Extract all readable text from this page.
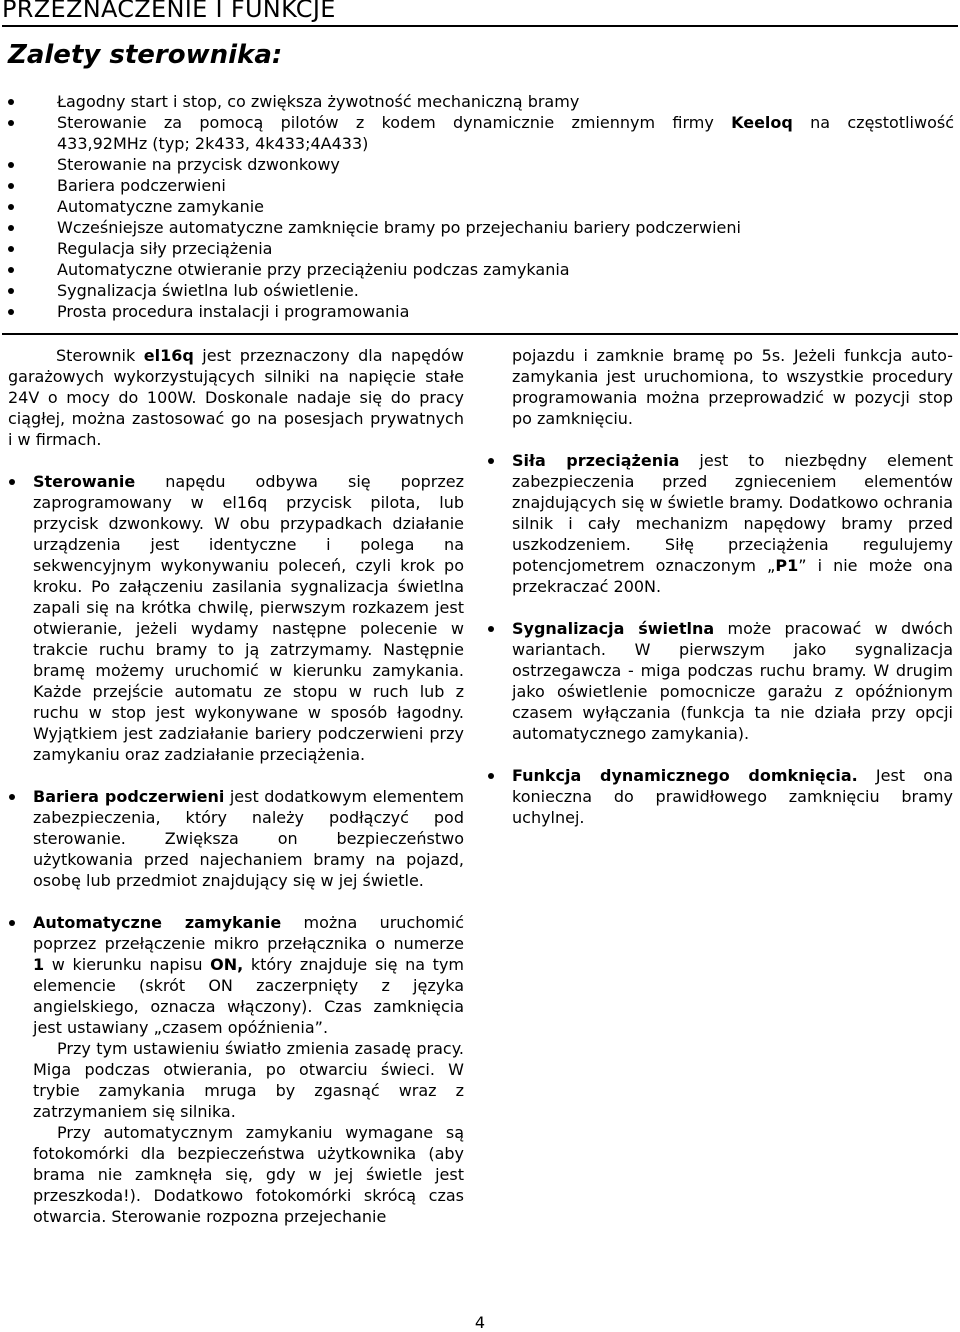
PRZEZNACZENIE I FUNKCJE
Zalety sterownika:
Łagodny start i stop, co zwiększa żywotność mechaniczną bramy
Sterowanie za pomocą pilotów z kodem dynamicznie zmiennym firmy Keeloq na częstotliwość
433,92MHz (typ; 2k433, 4k433;4A433)
Sterowanie na przycisk dzwonkowy
Bariera podczerwieni
Automatyczne zamykanie
Wcześniejsze automatyczne zamknięcie bramy po przejechaniu bariery podczerwieni
Regulacja siły przeciążenia
Automatyczne otwieranie przy przeciążeniu podczas zamykania
Sygnalizacja świetlna lub oświetlenie.
Prosta procedura instalacji i programowania

Sterownik el16q jest przeznaczony dla napędów garażowych wykorzystujących silniki na napięcie stałe 24V o mocy do 100W. Doskonale nadaje się do pracy ciągłej, można zastosować go na posesjach prywatnych i w firmach.

Sterowanie napędu odbywa się poprzez zaprogramowany w el16q przycisk pilota, lub przycisk dzwonkowy. W obu przypadkach działanie urządzenia jest identyczne i polega na sekwencyjnym wykonywaniu poleceń, czyli krok po kroku. Po załączeniu zasilania sygnalizacja świetlna zapali się na krótka chwilę, pierwszym rozkazem jest otwieranie, jeżeli wydamy następne polecenie w trakcie ruchu bramy to ją zatrzymamy. Następnie bramę możemy uruchomić w kierunku zamykania. Każde przejście automatu ze stopu w ruch lub z ruchu w stop jest wykonywane w sposób łagodny. Wyjątkiem jest zadziałanie bariery podczerwieni przy zamykaniu oraz zadziałanie przeciążenia.
Bariera podczerwieni jest dodatkowym elementem zabezpieczenia, który należy podłączyć pod sterowanie. Zwiększa on bezpieczeństwo użytkowania przed najechaniem bramy na pojazd, osobę lub przedmiot znajdujący się w jej świetle.
Automatyczne zamykanie można uruchomić poprzez przełączenie mikro przełącznika o numerze 1 w kierunku napisu ON, który znajduje się na tym elemencie (skrót ON zaczerpnięty z języka angielskiego, oznacza włączony). Czas zamknięcia jest ustawiany „czasem opóźnienia”.

Przy tym ustawieniu światło zmienia zasadę pracy. Miga podczas otwierania, po otwarciu świeci. W trybie zamykania mruga by zgasnąć wraz z zatrzymaniem się silnika.

Przy automatycznym zamykaniu wymagane są fotokomórki dla bezpieczeństwa użytkownika (aby brama nie zamknęła się, gdy w jej świetle jest przeszkoda!). Dodatkowo fotokomórki skrócą czas otwarcia. Sterowanie rozpozna przejechanie

pojazdu i zamknie bramę po 5s. Jeżeli funkcja auto-zamykania jest uruchomiona, to wszystkie procedury programowania można przeprowadzić w pozycji stop po zamknięciu.

Siła przeciążenia jest to niezbędny element zabezpieczenia przed zgnieceniem elementów znajdujących się w świetle bramy. Dodatkowo ochrania silnik i cały mechanizm napędowy bramy przed uszkodzeniem. Siłę przeciążenia regulujemy potencjometrem oznaczonym „P1” i nie może ona przekraczać 200N.
Sygnalizacja świetlna może pracować w dwóch wariantach. W pierwszym jako sygnalizacja ostrzegawcza - miga podczas ruchu bramy. W drugim jako oświetlenie pomocnicze garażu z opóźnionym czasem wyłączania (funkcja ta nie działa przy opcji automatycznego zamykania).
Funkcja dynamicznego domknięcia. Jest ona konieczna do prawidłowego zamknięciu bramy uchylnej.
4
